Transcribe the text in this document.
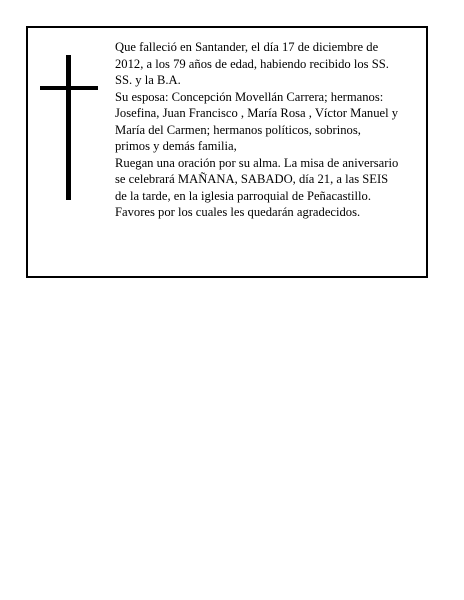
Que falleció en Santander, el día 17 de diciembre de

2012, a los 79 años de edad, habiendo recibido los SS.

SS. y la B.A.

Su esposa: Concepción Movellán Carrera; hermanos:

Josefina, Juan Francisco , María Rosa , Víctor Manuel y

María del Carmen; hermanos políticos, sobrinos,

primos y demás familia,

Ruegan una oración por su alma. La misa de aniversario

se celebrará MAÑANA, SABADO, día 21, a las SEIS

de la tarde, en la iglesia parroquial de Peñacastillo.

Favores por los cuales les quedarán agradecidos.
